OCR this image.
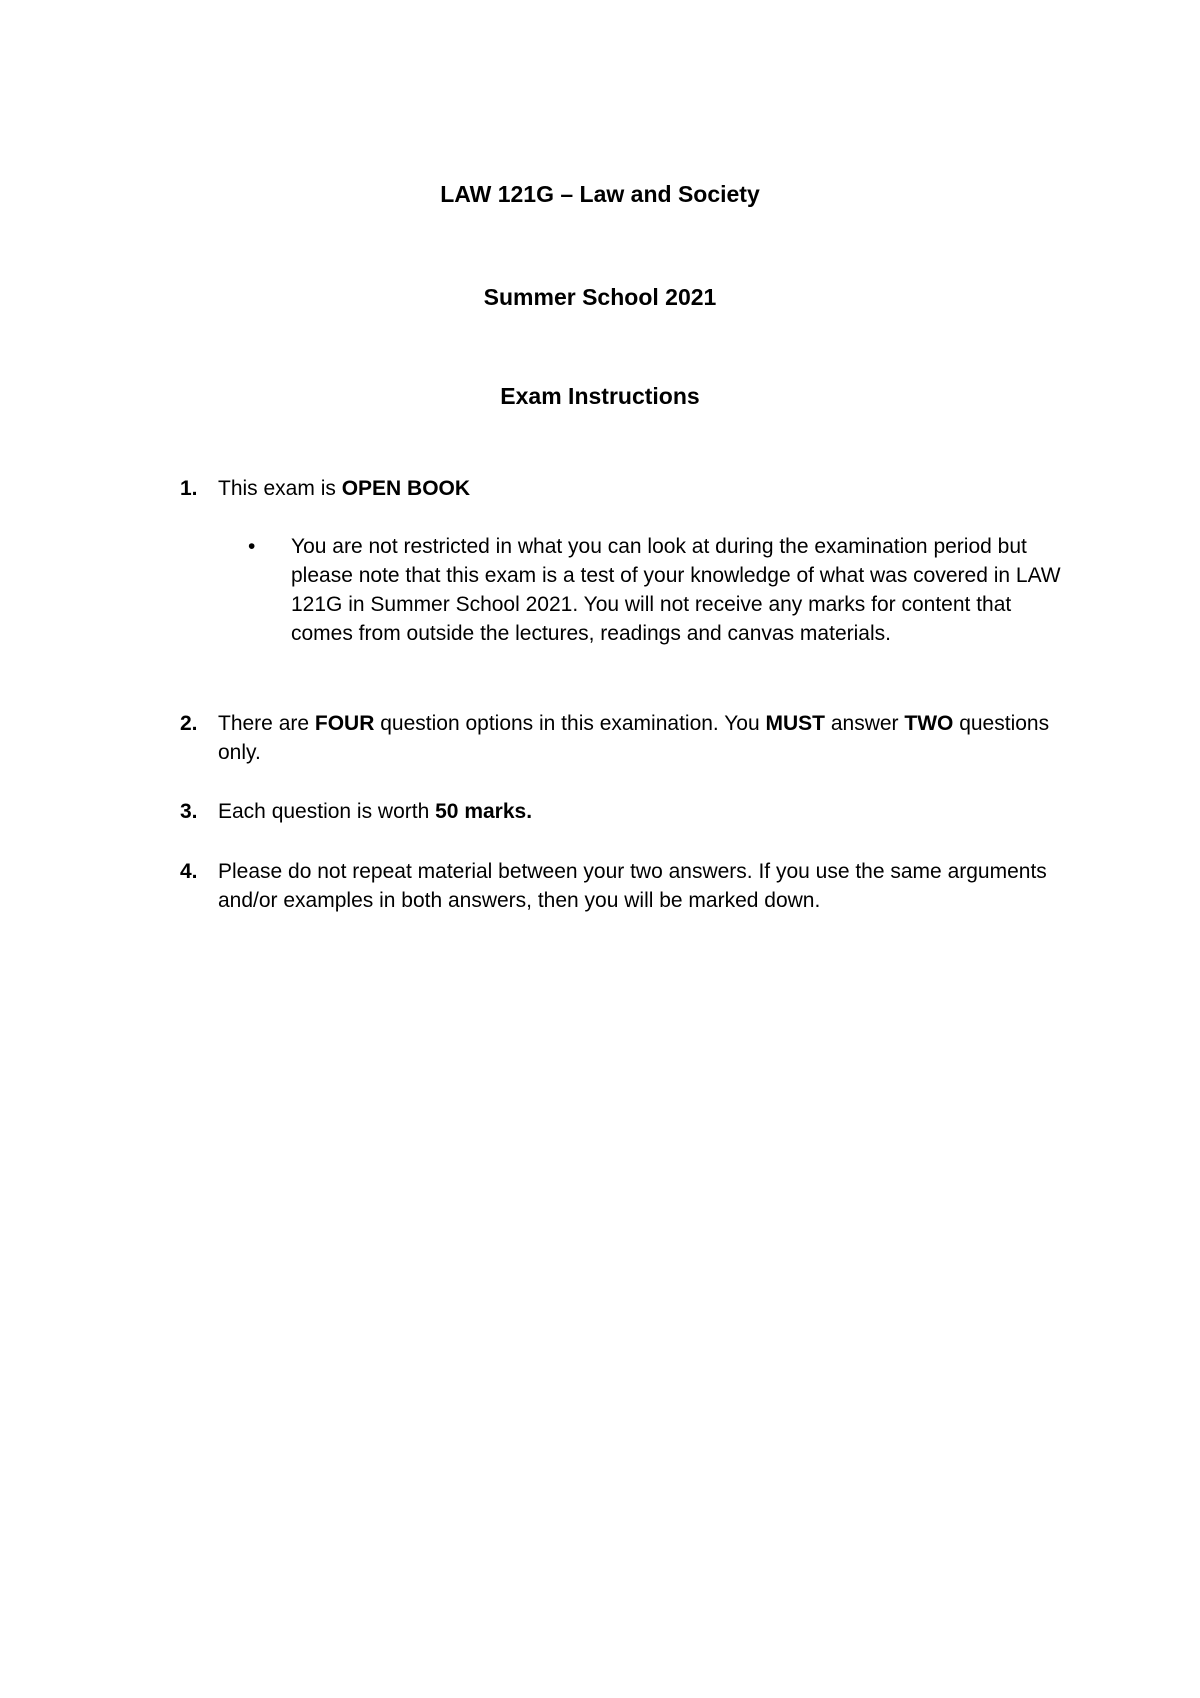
LAW 121G – Law and Society
Summer School 2021
Exam Instructions
1. This exam is OPEN BOOK
• You are not restricted in what you can look at during the examination period but please note that this exam is a test of your knowledge of what was covered in LAW 121G in Summer School 2021. You will not receive any marks for content that comes from outside the lectures, readings and canvas materials.
2. There are FOUR question options in this examination. You MUST answer TWO questions only.
3. Each question is worth 50 marks.
4. Please do not repeat material between your two answers. If you use the same arguments and/or examples in both answers, then you will be marked down.
